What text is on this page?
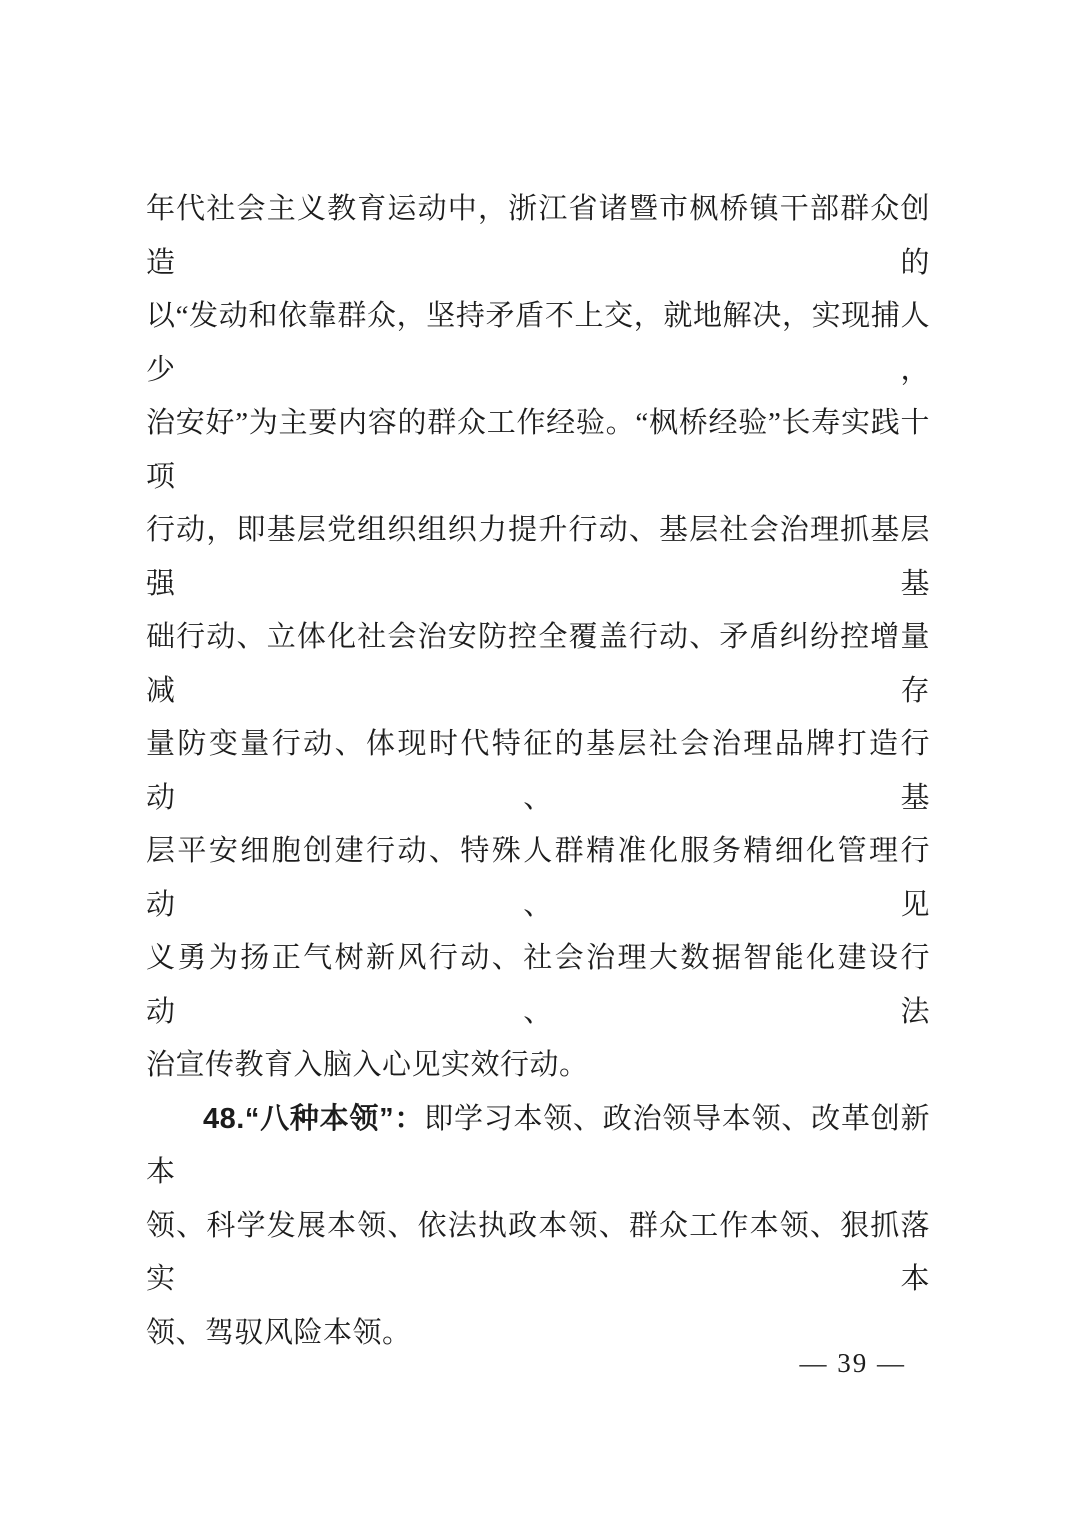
年代社会主义教育运动中，浙江省诸暨市枫桥镇干部群众创造的
以“发动和依靠群众，坚持矛盾不上交，就地解决，实现捕人少，
治安好”为主要内容的群众工作经验。“枫桥经验”长寿实践十项
行动，即基层党组织组织力提升行动、基层社会治理抓基层强基
础行动、立体化社会治安防控全覆盖行动、矛盾纠纷控增量减存
量防变量行动、体现时代特征的基层社会治理品牌打造行动、基
层平安细胞创建行动、特殊人群精准化服务精细化管理行动、见
义勇为扬正气树新风行动、社会治理大数据智能化建设行动、法
治宣传教育入脑入心见实效行动。
48.“八种本领”：即学习本领、政治领导本领、改革创新本
领、科学发展本领、依法执政本领、群众工作本领、狠抓落实本
领、驾驭风险本领。
— 39 —
